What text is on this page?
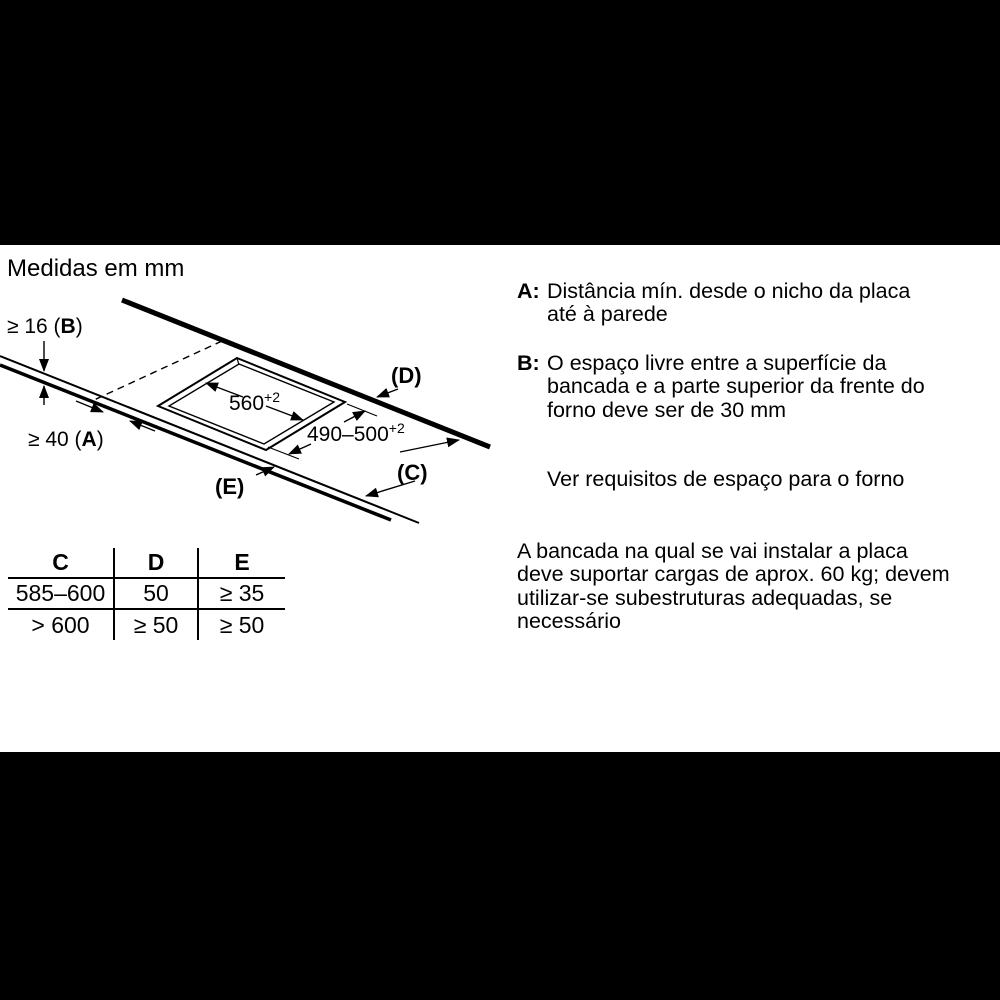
Medidas em mm
≥ 16 (B)
≥ 40 (A)
$560^{+2}$
$490-500^{+2}$
(D)
(C)
(E)
C	D	E
585–600	50	≥ 35
> 600	≥ 50	≥ 50
A: Distância mín. desde o nicho da placa
até à parede
B: O espaço livre entre a superfície da
bancada e a parte superior da frente do
forno deve ser de 30 mm
Ver requisitos de espaço para o forno
A bancada na qual se vai instalar a placa
deve suportar cargas de aprox. 60 kg; devem
utilizar-se subestruturas adequadas, se
necessário
